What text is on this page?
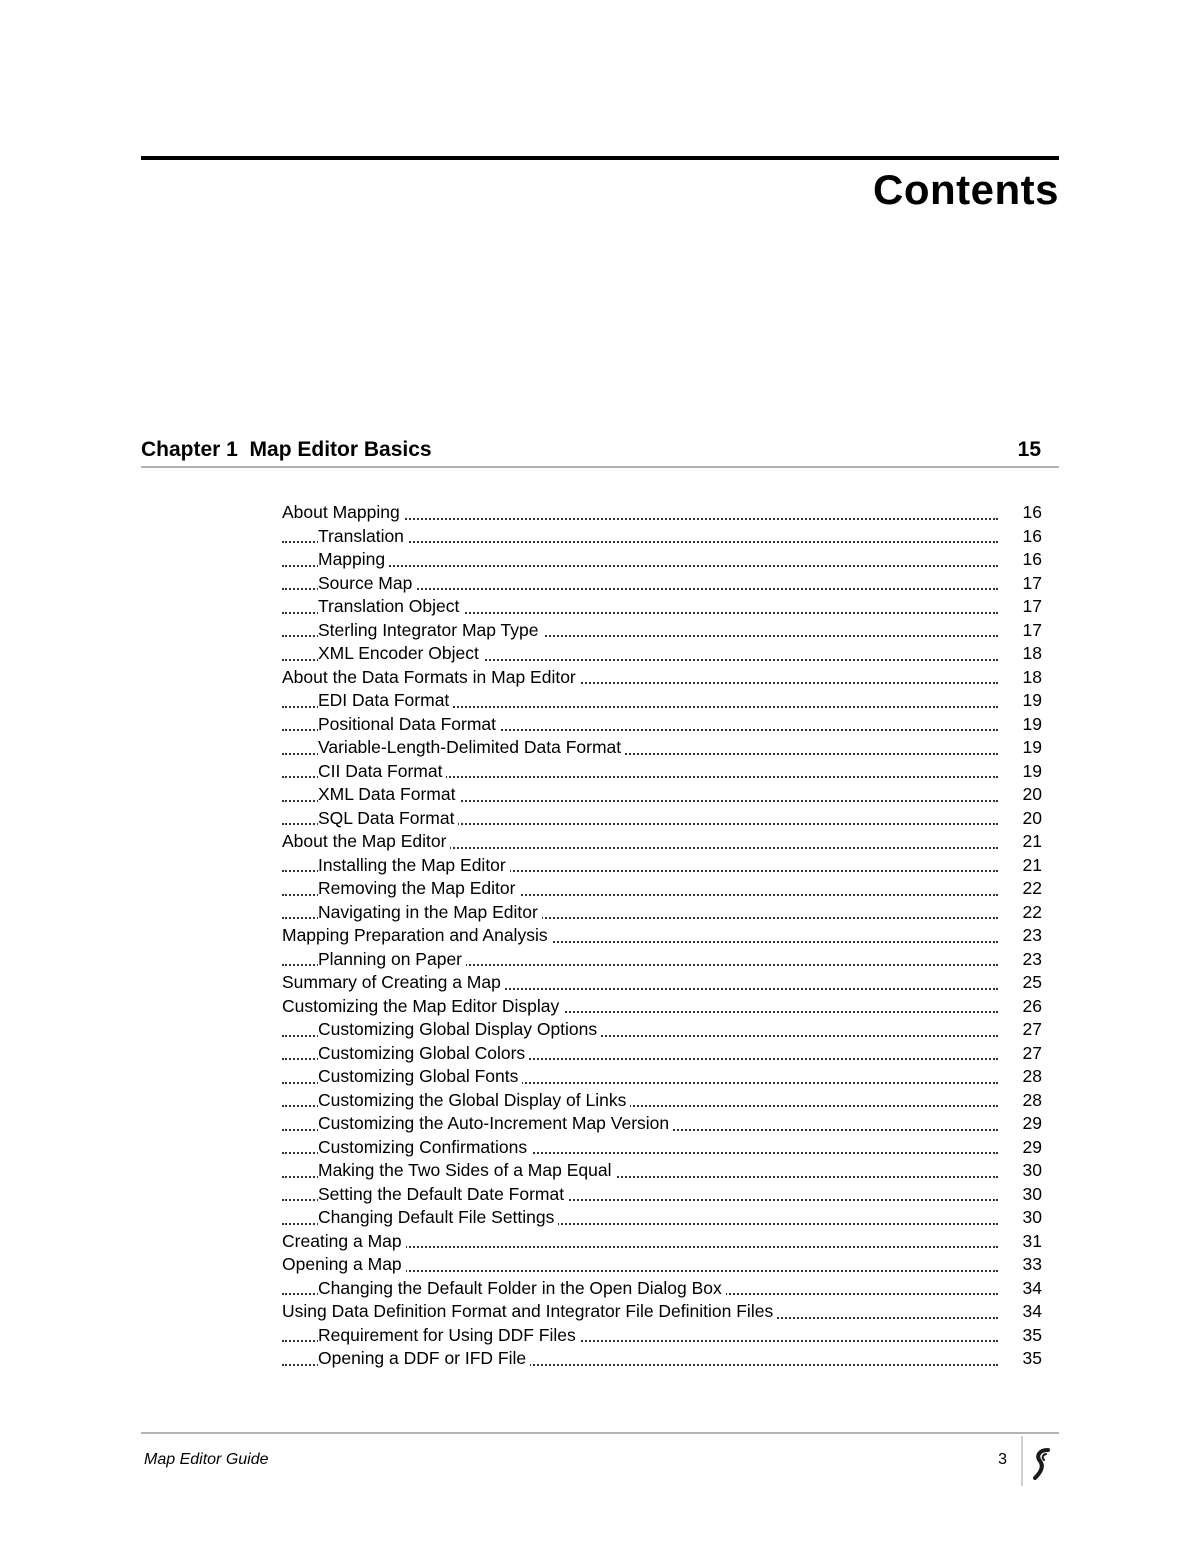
Contents
Chapter 1  Map Editor Basics	15
About Mapping	16
Translation	16
Mapping	16
Source Map	17
Translation Object	17
Sterling Integrator Map Type	17
XML Encoder Object	18
About the Data Formats in Map Editor	18
EDI Data Format	19
Positional Data Format	19
Variable-Length-Delimited Data Format	19
CII Data Format	19
XML Data Format	20
SQL Data Format	20
About the Map Editor	21
Installing the Map Editor	21
Removing the Map Editor	22
Navigating in the Map Editor	22
Mapping Preparation and Analysis	23
Planning on Paper	23
Summary of Creating a Map	25
Customizing the Map Editor Display	26
Customizing Global Display Options	27
Customizing Global Colors	27
Customizing Global Fonts	28
Customizing the Global Display of Links	28
Customizing the Auto-Increment Map Version	29
Customizing Confirmations	29
Making the Two Sides of a Map Equal	30
Setting the Default Date Format	30
Changing Default File Settings	30
Creating a Map	31
Opening a Map	33
Changing the Default Folder in the Open Dialog Box	34
Using Data Definition Format and Integrator File Definition Files	34
Requirement for Using DDF Files	35
Opening a DDF or IFD File	35
Map Editor Guide	3
